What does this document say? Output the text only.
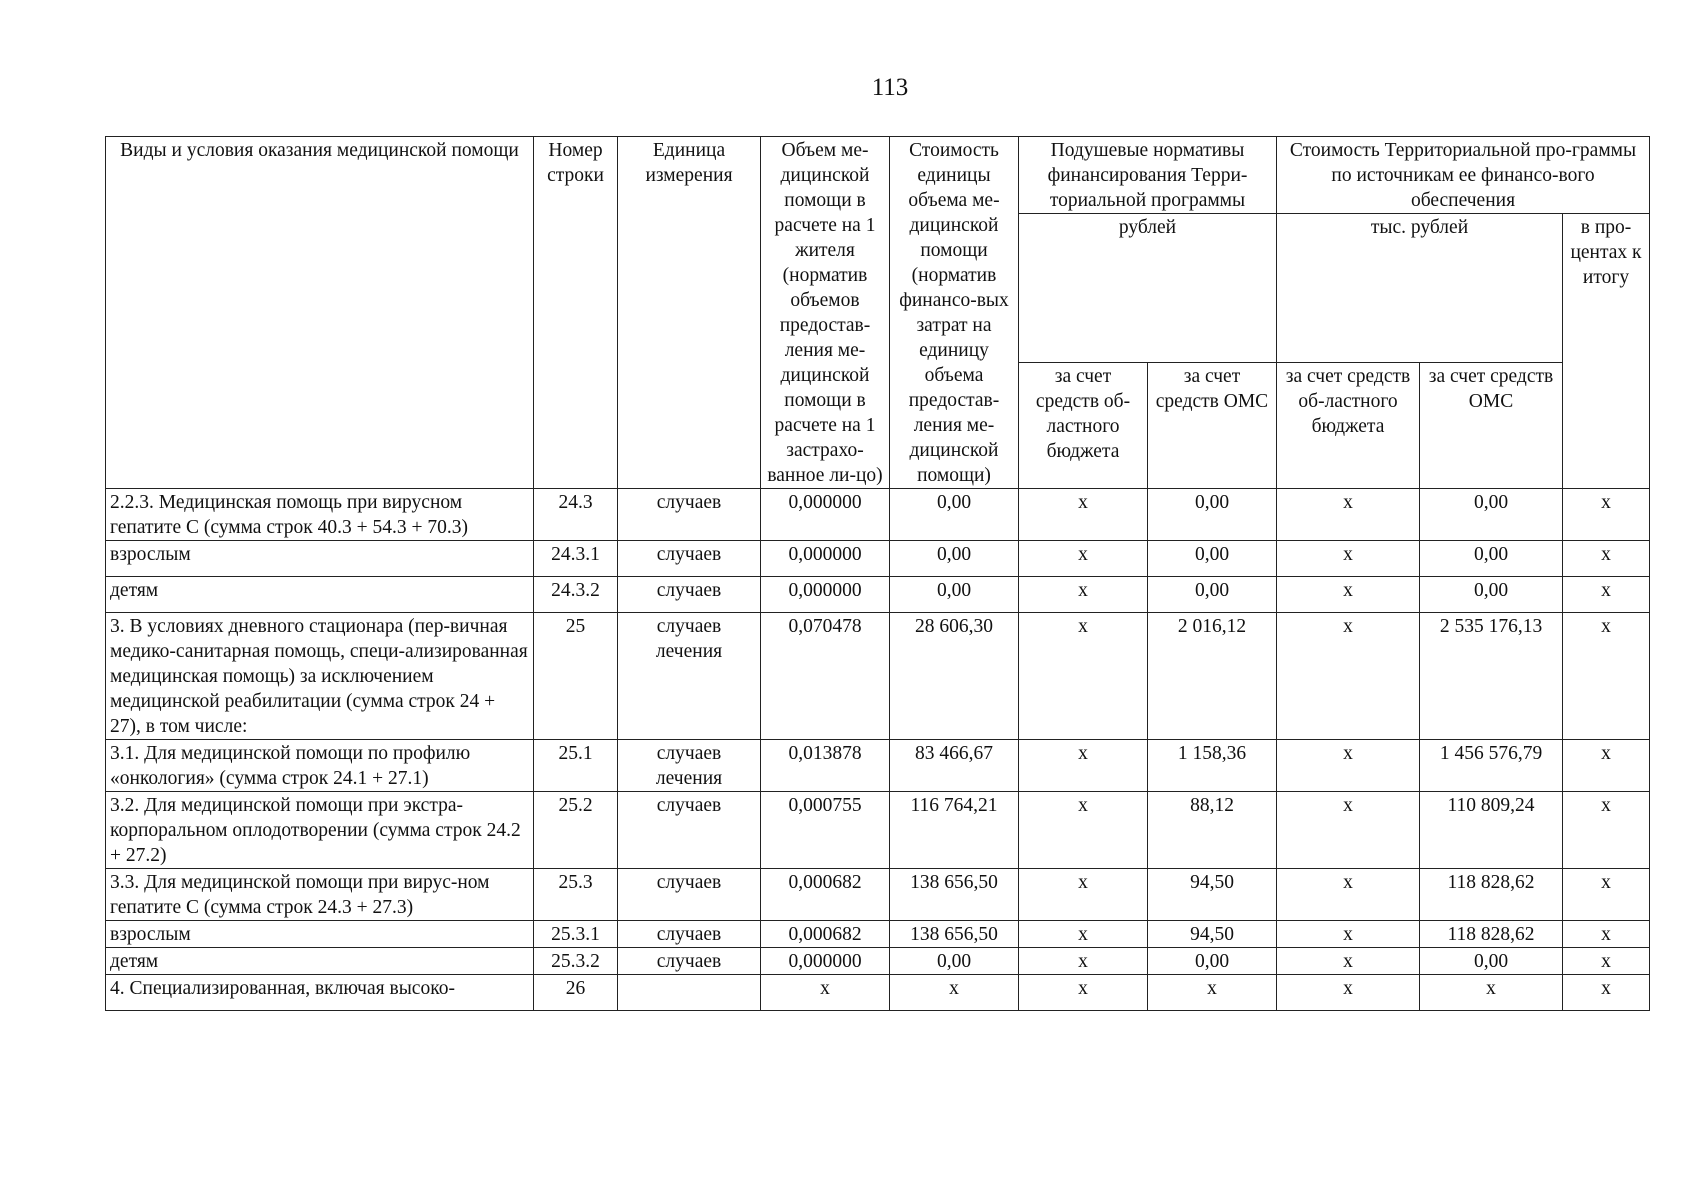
113
Виды и условия оказания медицинской помощи	Номер строки	Единица измерения	Объем ме-дицинской помощи в расчете на 1 жителя (норматив объемов предостав-ления ме-дицинской помощи в расчете на 1 застрахо-ванное ли-цо)	Стоимость единицы объема ме-дицинской помощи (норматив финансо-вых затрат на единицу объема предостав-ления ме-дицинской помощи)	Подушевые нормативы финансирования Терри-ториальной программы		Стоимость Территориальной про-граммы по источникам ее финансо-вого обеспечения		
					рублей		тыс. рублей		в про-центах к итогу
					за счет средств об-ластного бюджета	за счет средств ОМС	за счет средств об-ластного бюджета	за счет средств ОМС	
2.2.3. Медицинская помощь при вирусном гепатите С (сумма строк 40.3 + 54.3 + 70.3)	24.3	случаев	0,000000	0,00	х	0,00	х	0,00	х
взрослым	24.3.1	случаев	0,000000	0,00	х	0,00	х	0,00	х
детям	24.3.2	случаев	0,000000	0,00	х	0,00	х	0,00	х
3. В условиях дневного стационара (пер-вичная медико-санитарная помощь, специ-ализированная медицинская помощь) за исключением медицинской реабилитации (сумма строк 24 + 27), в том числе:	25	случаев лечения	0,070478	28 606,30	х	2 016,12	х	2 535 176,13	х
3.1. Для медицинской помощи по профилю «онкология» (сумма строк 24.1 + 27.1)	25.1	случаев лечения	0,013878	83 466,67	х	1 158,36	х	1 456 576,79	х
3.2. Для медицинской помощи при экстра-корпоральном оплодотворении (сумма строк 24.2 + 27.2)	25.2	случаев	0,000755	116 764,21	х	88,12	х	110 809,24	х
3.3. Для медицинской помощи при вирус-ном гепатите С (сумма строк 24.3 + 27.3)	25.3	случаев	0,000682	138 656,50	х	94,50	х	118 828,62	х
взрослым	25.3.1	случаев	0,000682	138 656,50	х	94,50	х	118 828,62	х
детям	25.3.2	случаев	0,000000	0,00	х	0,00	х	0,00	х
4. Специализированная, включая высоко-	26		х	х	х	х	х	х	х
